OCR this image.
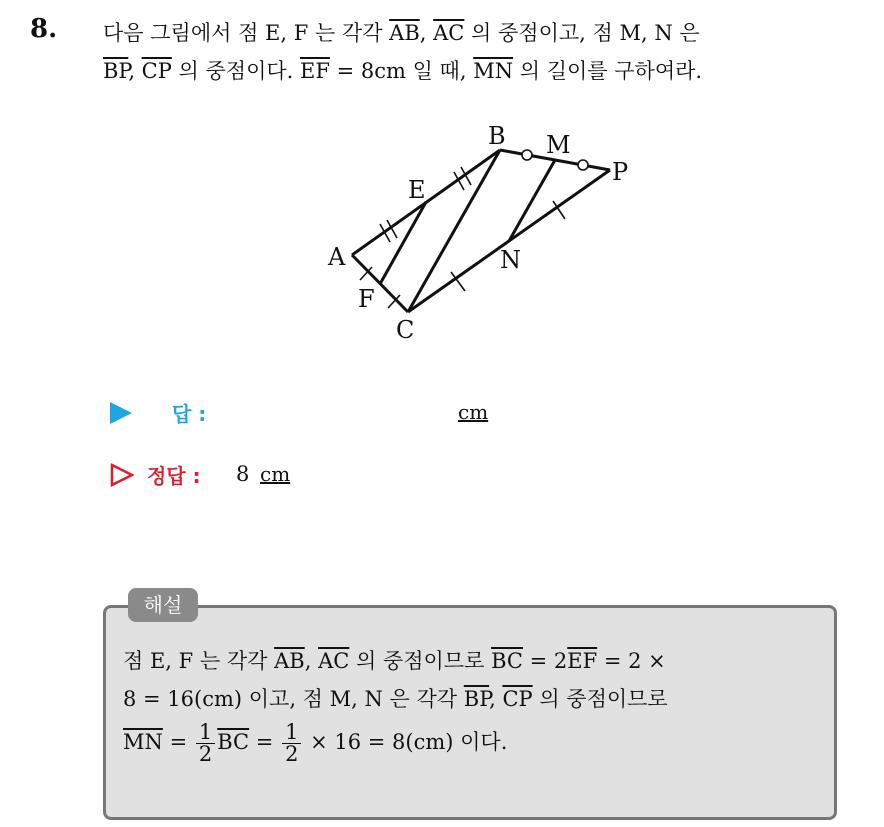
8. 다음 그림에서 점 E, F 는 각각 $\overline{AB}$, $\overline{AC}$ 의 중점이고, 점 M, N 은
$\overline{BP}$, $\overline{CP}$ 의 중점이다. $\overline{EF} = 8cm$ 일 때, $\overline{MN}$ 의 길이를 구하여라.
A
B
C
E
F
M
N
P
답 :	cm
정답 : 8 cm
해설
점 E, F 는 각각 $\overline{AB}$, $\overline{AC}$ 의 중점이므로 $\overline{BC} = 2\overline{EF} = 2$ ×
8 = 16(cm) 이고, 점 M, N 은 각각 $\overline{BP}$, $\overline{CP}$ 의 중점이므로
$\overline{MN} = \frac{1}{2} \overline{BC} = \frac{1}{2} \times 16 = 8(cm)$ 이다.
